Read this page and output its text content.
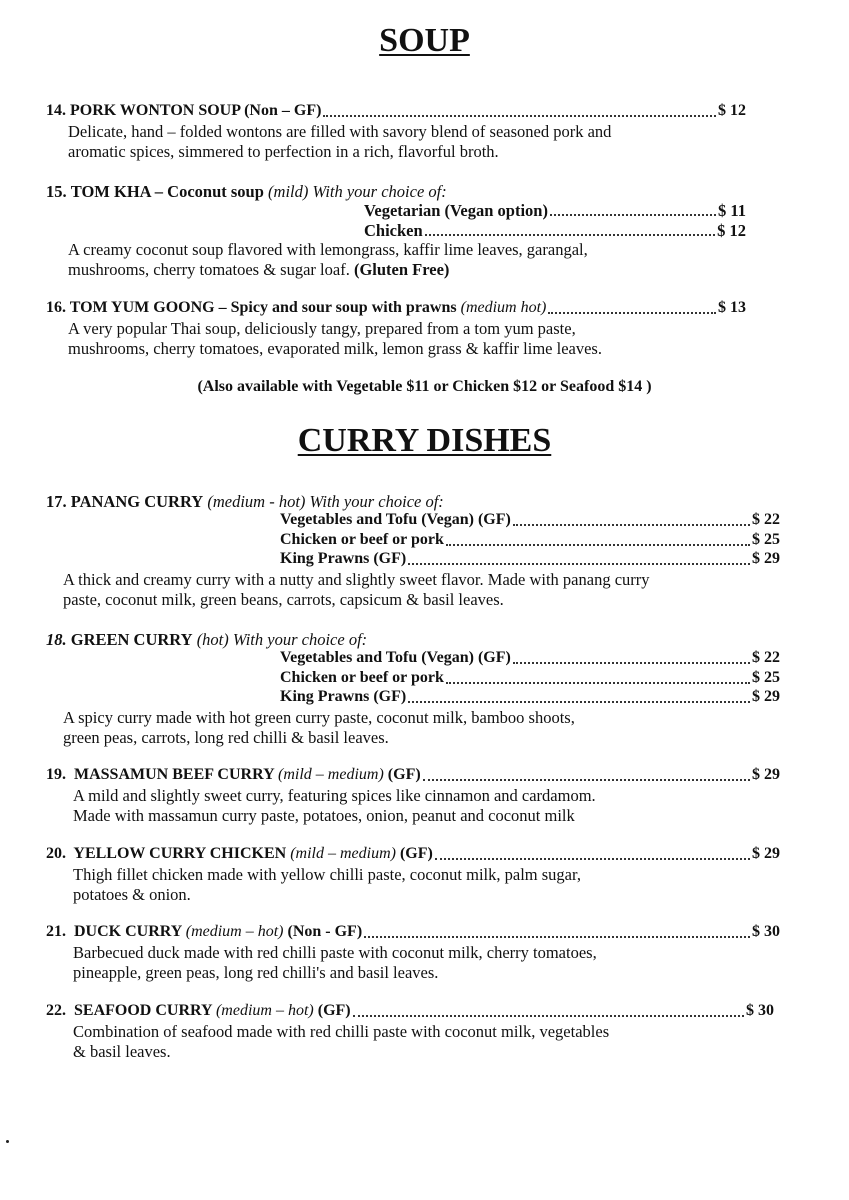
SOUP
14. PORK WONTON SOUP (Non – GF)	$ 12
Delicate, hand – folded wontons are filled with savory blend of seasoned pork and
aromatic spices, simmered to perfection in a rich, flavorful broth.
15. TOM KHA – Coconut soup (mild) With your choice of:
Vegetarian (Vegan option)	$ 11
Chicken	$ 12
A creamy coconut soup flavored with lemongrass, kaffir lime leaves, garangal,
mushrooms, cherry tomatoes & sugar loaf. (Gluten Free)
16. TOM YUM GOONG – Spicy and sour soup with prawns (medium hot)	$ 13
A very popular Thai soup, deliciously tangy, prepared from a tom yum paste,
mushrooms, cherry tomatoes, evaporated milk, lemon grass & kaffir lime leaves.
(Also available with Vegetable $11 or Chicken $12 or Seafood $14 )
CURRY DISHES
17. PANANG CURRY (medium - hot) With your choice of:
Vegetables and Tofu (Vegan) (GF)	$ 22
Chicken or beef or pork	$ 25
King Prawns (GF)	$ 29
A thick and creamy curry with a nutty and slightly sweet flavor. Made with panang curry
paste, coconut milk, green beans, carrots, capsicum & basil leaves.
18. GREEN CURRY (hot) With your choice of:
Vegetables and Tofu (Vegan) (GF)	$ 22
Chicken or beef or pork	$ 25
King Prawns (GF)	$ 29
A spicy curry made with hot green curry paste, coconut milk, bamboo shoots,
green peas, carrots, long red chilli & basil leaves.
19. MASSAMUN BEEF CURRY (mild – medium) (GF)	$ 29
A mild and slightly sweet curry, featuring spices like cinnamon and cardamom.
Made with massamun curry paste, potatoes, onion, peanut and coconut milk
20. YELLOW CURRY CHICKEN (mild – medium) (GF)	$ 29
Thigh fillet chicken made with yellow chilli paste, coconut milk, palm sugar,
potatoes & onion.
21. DUCK CURRY (medium – hot) (Non - GF)	$ 30
Barbecued duck made with red chilli paste with coconut milk, cherry tomatoes,
pineapple, green peas, long red chilli's and basil leaves.
22. SEAFOOD CURRY (medium – hot) (GF)	$ 30
Combination of seafood made with red chilli paste with coconut milk, vegetables
& basil leaves.
